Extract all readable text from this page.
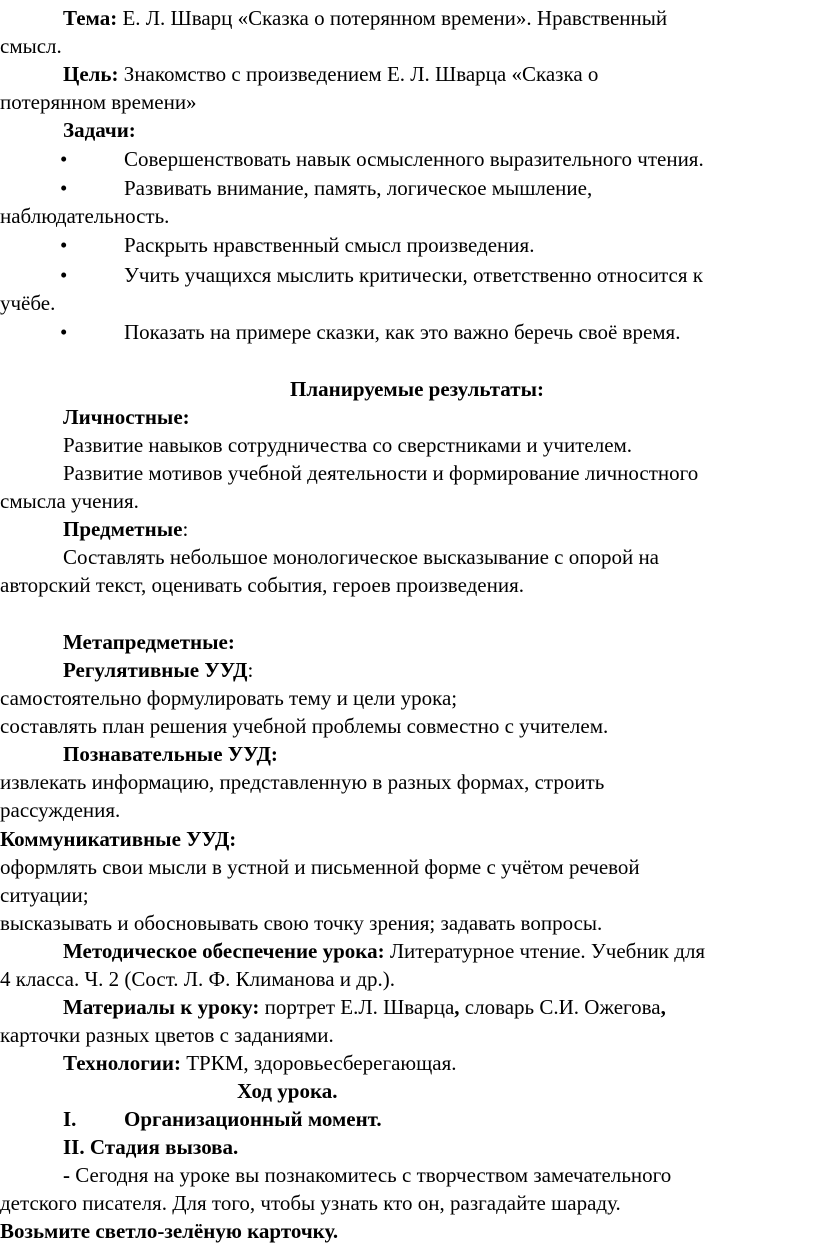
Тема: Е. Л. Шварц «Сказка о потерянном времени». Нравственный
смысл.
Цель: Знакомство с произведением Е. Л. Шварца «Сказка о
потерянном времени»
Задачи:
•	Совершенствовать навык осмысленного выразительного чтения.
•	Развивать внимание, память, логическое мышление,
наблюдательность.
•	Раскрыть нравственный смысл произведения.
•	Учить учащихся мыслить критически, ответственно относится к
учёбе.
•	Показать на примере сказки, как это важно беречь своё время.
Планируемые результаты:
Личностные:
Развитие навыков сотрудничества со сверстниками и учителем.
Развитие мотивов учебной деятельности и формирование личностного
смысла учения.
Предметные:
Составлять небольшое монологическое высказывание с опорой на
авторский текст, оценивать события, героев произведения.
Метапредметные:
Регулятивные УУД:
самостоятельно формулировать тему и цели урока;
составлять план решения учебной проблемы совместно с учителем.
Познавательные УУД:
извлекать информацию, представленную в разных формах, строить
рассуждения.
Коммуникативные УУД:
оформлять свои мысли в устной и письменной форме с учётом речевой
ситуации;
высказывать и обосновывать свою точку зрения; задавать вопросы.
Методическое обеспечение урока: Литературное чтение. Учебник для
4 класса. Ч. 2 (Сост. Л. Ф. Климанова и др.).
Материалы к уроку: портрет Е.Л. Шварца, словарь С.И. Ожегова,
карточки разных цветов с заданиями.
Технологии: ТРКМ, здоровьесберегающая.
Ход урока.
I. Организационный момент.
II. Стадия вызова.
- Сегодня на уроке вы познакомитесь с творчеством замечательного
детского писателя. Для того, чтобы узнать кто он, разгадайте шараду.
Возьмите светло-зелёную карточку.
